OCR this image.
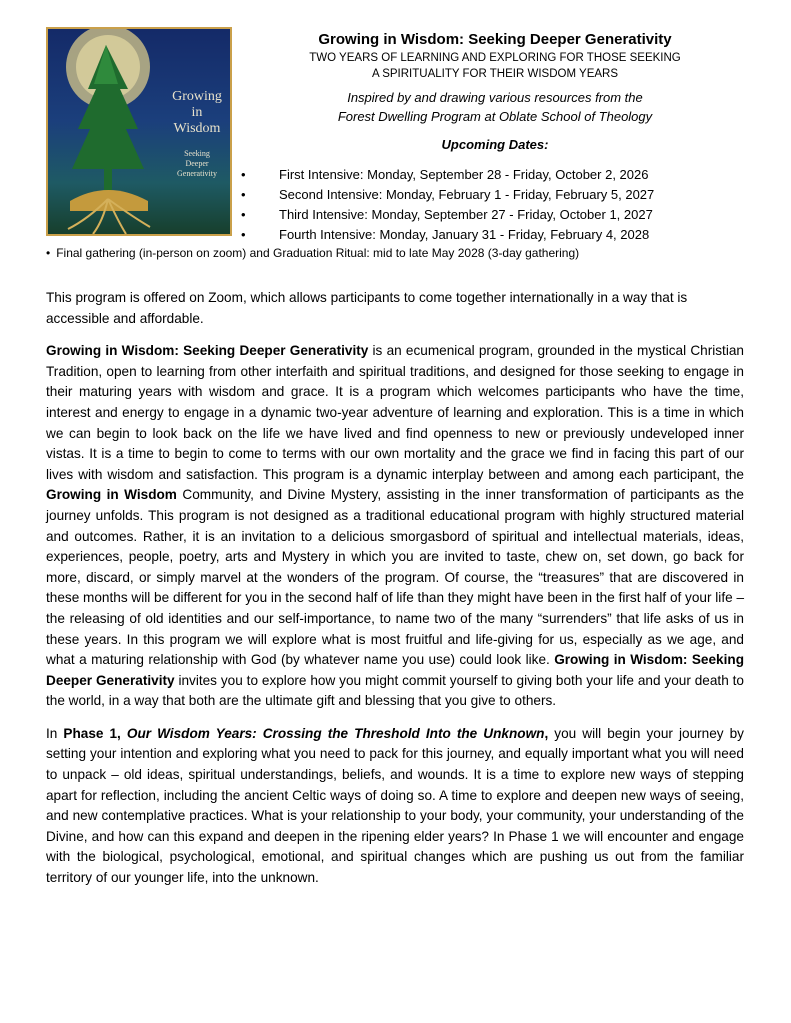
Growing
in
Wisdom
Seeking
Deeper
Generativity
Growing in Wisdom: Seeking Deeper Generativity
TWO YEARS OF LEARNING AND EXPLORING FOR THOSE SEEKING
A SPIRITUALITY FOR THEIR WISDOM YEARS
Inspired by and drawing various resources from the
Forest Dwelling Program at Oblate School of Theology
Upcoming Dates:
•	First Intensive: Monday, September 28 - Friday, October 2, 2026
•	Second Intensive: Monday, February 1 - Friday, February 5, 2027
•	Third Intensive: Monday, September 27 - Friday, October 1, 2027
•	Fourth Intensive: Monday, January 31 - Friday, February 4, 2028
• Final gathering (in-person on zoom) and Graduation Ritual: mid to late May 2028 (3-day gathering)

This program is offered on Zoom, which allows participants to come together internationally in a way that is accessible and affordable.

Growing in Wisdom: Seeking Deeper Generativity is an ecumenical program, grounded in the mystical Christian Tradition, open to learning from other interfaith and spiritual traditions, and designed for those seeking to engage in their maturing years with wisdom and grace. It is a program which welcomes participants who have the time, interest and energy to engage in a dynamic two-year adventure of learning and exploration. This is a time in which we can begin to look back on the life we have lived and find openness to new or previously undeveloped inner vistas. It is a time to begin to come to terms with our own mortality and the grace we find in facing this part of our lives with wisdom and satisfaction. This program is a dynamic interplay between and among each participant, the Growing in Wisdom Community, and Divine Mystery, assisting in the inner transformation of participants as the journey unfolds. This program is not designed as a traditional educational program with highly structured material and outcomes. Rather, it is an invitation to a delicious smorgasbord of spiritual and intellectual materials, ideas, experiences, people, poetry, arts and Mystery in which you are invited to taste, chew on, set down, go back for more, discard, or simply marvel at the wonders of the program. Of course, the “treasures” that are discovered in these months will be different for you in the second half of life than they might have been in the first half of your life – the releasing of old identities and our self-importance, to name two of the many “surrenders” that life asks of us in these years. In this program we will explore what is most fruitful and life-giving for us, especially as we age, and what a maturing relationship with God (by whatever name you use) could look like. Growing in Wisdom: Seeking Deeper Generativity invites you to explore how you might commit yourself to giving both your life and your death to the world, in a way that both are the ultimate gift and blessing that you give to others.

In Phase 1, Our Wisdom Years: Crossing the Threshold Into the Unknown, you will begin your journey by setting your intention and exploring what you need to pack for this journey, and equally important what you will need to unpack – old ideas, spiritual understandings, beliefs, and wounds. It is a time to explore new ways of stepping apart for reflection, including the ancient Celtic ways of doing so. A time to explore and deepen new ways of seeing, and new contemplative practices. What is your relationship to your body, your community, your understanding of the Divine, and how can this expand and deepen in the ripening elder years? In Phase 1 we will encounter and engage with the biological, psychological, emotional, and spiritual changes which are pushing us out from the familiar territory of our younger life, into the unknown.
